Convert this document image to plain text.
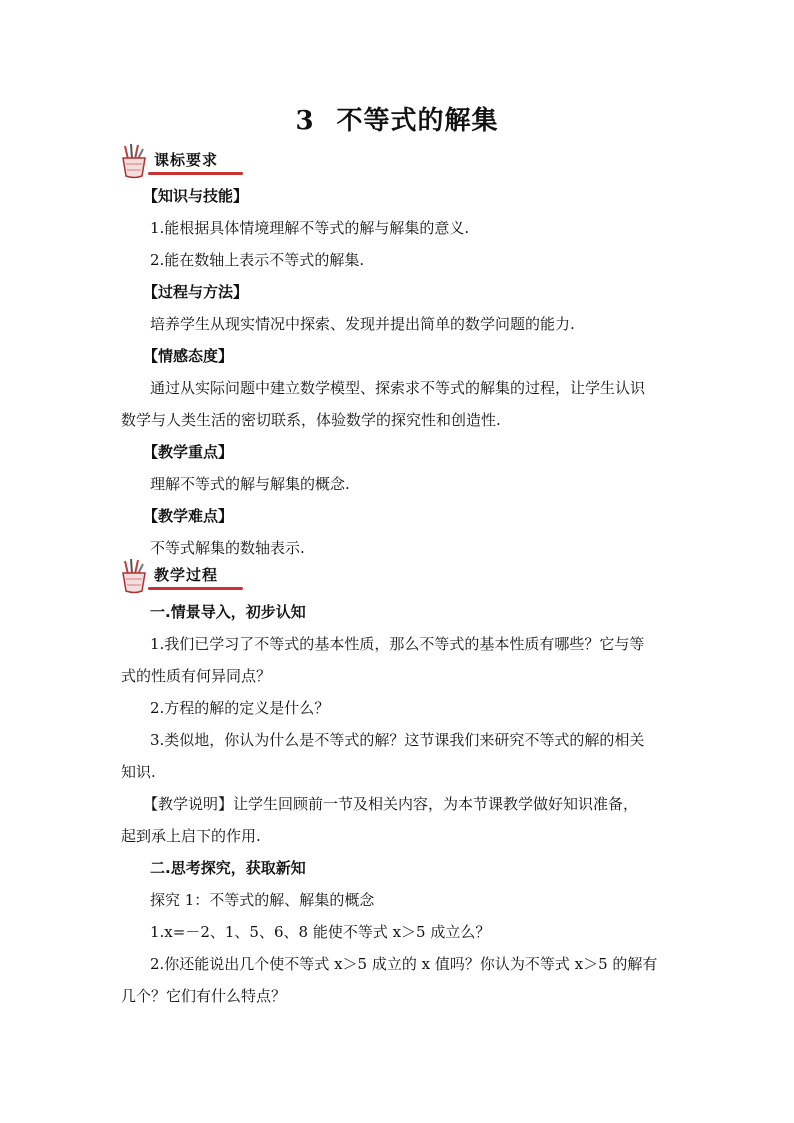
3 不等式的解集
课标要求
【知识与技能】
1.能根据具体情境理解不等式的解与解集的意义.
2.能在数轴上表示不等式的解集.
【过程与方法】
培养学生从现实情况中探索、发现并提出简单的数学问题的能力.
【情感态度】
通过从实际问题中建立数学模型、探索求不等式的解集的过程，让学生认识
数学与人类生活的密切联系，体验数学的探究性和创造性.
【教学重点】
理解不等式的解与解集的概念.
【教学难点】
不等式解集的数轴表示.
教学过程
一.情景导入，初步认知
1.我们已学习了不等式的基本性质，那么不等式的基本性质有哪些？它与等
式的性质有何异同点？
2.方程的解的定义是什么？
3.类似地，你认为什么是不等式的解？这节课我们来研究不等式的解的相关
知识.
【教学说明】让学生回顾前一节及相关内容，为本节课教学做好知识准备，
起到承上启下的作用.
二.思考探究，获取新知
探究 1：不等式的解、解集的概念
1.x=－2、1、5、6、8 能使不等式 x＞5 成立么？
2.你还能说出几个使不等式 x＞5 成立的 x 值吗？你认为不等式 x＞5 的解有
几个？它们有什么特点？
